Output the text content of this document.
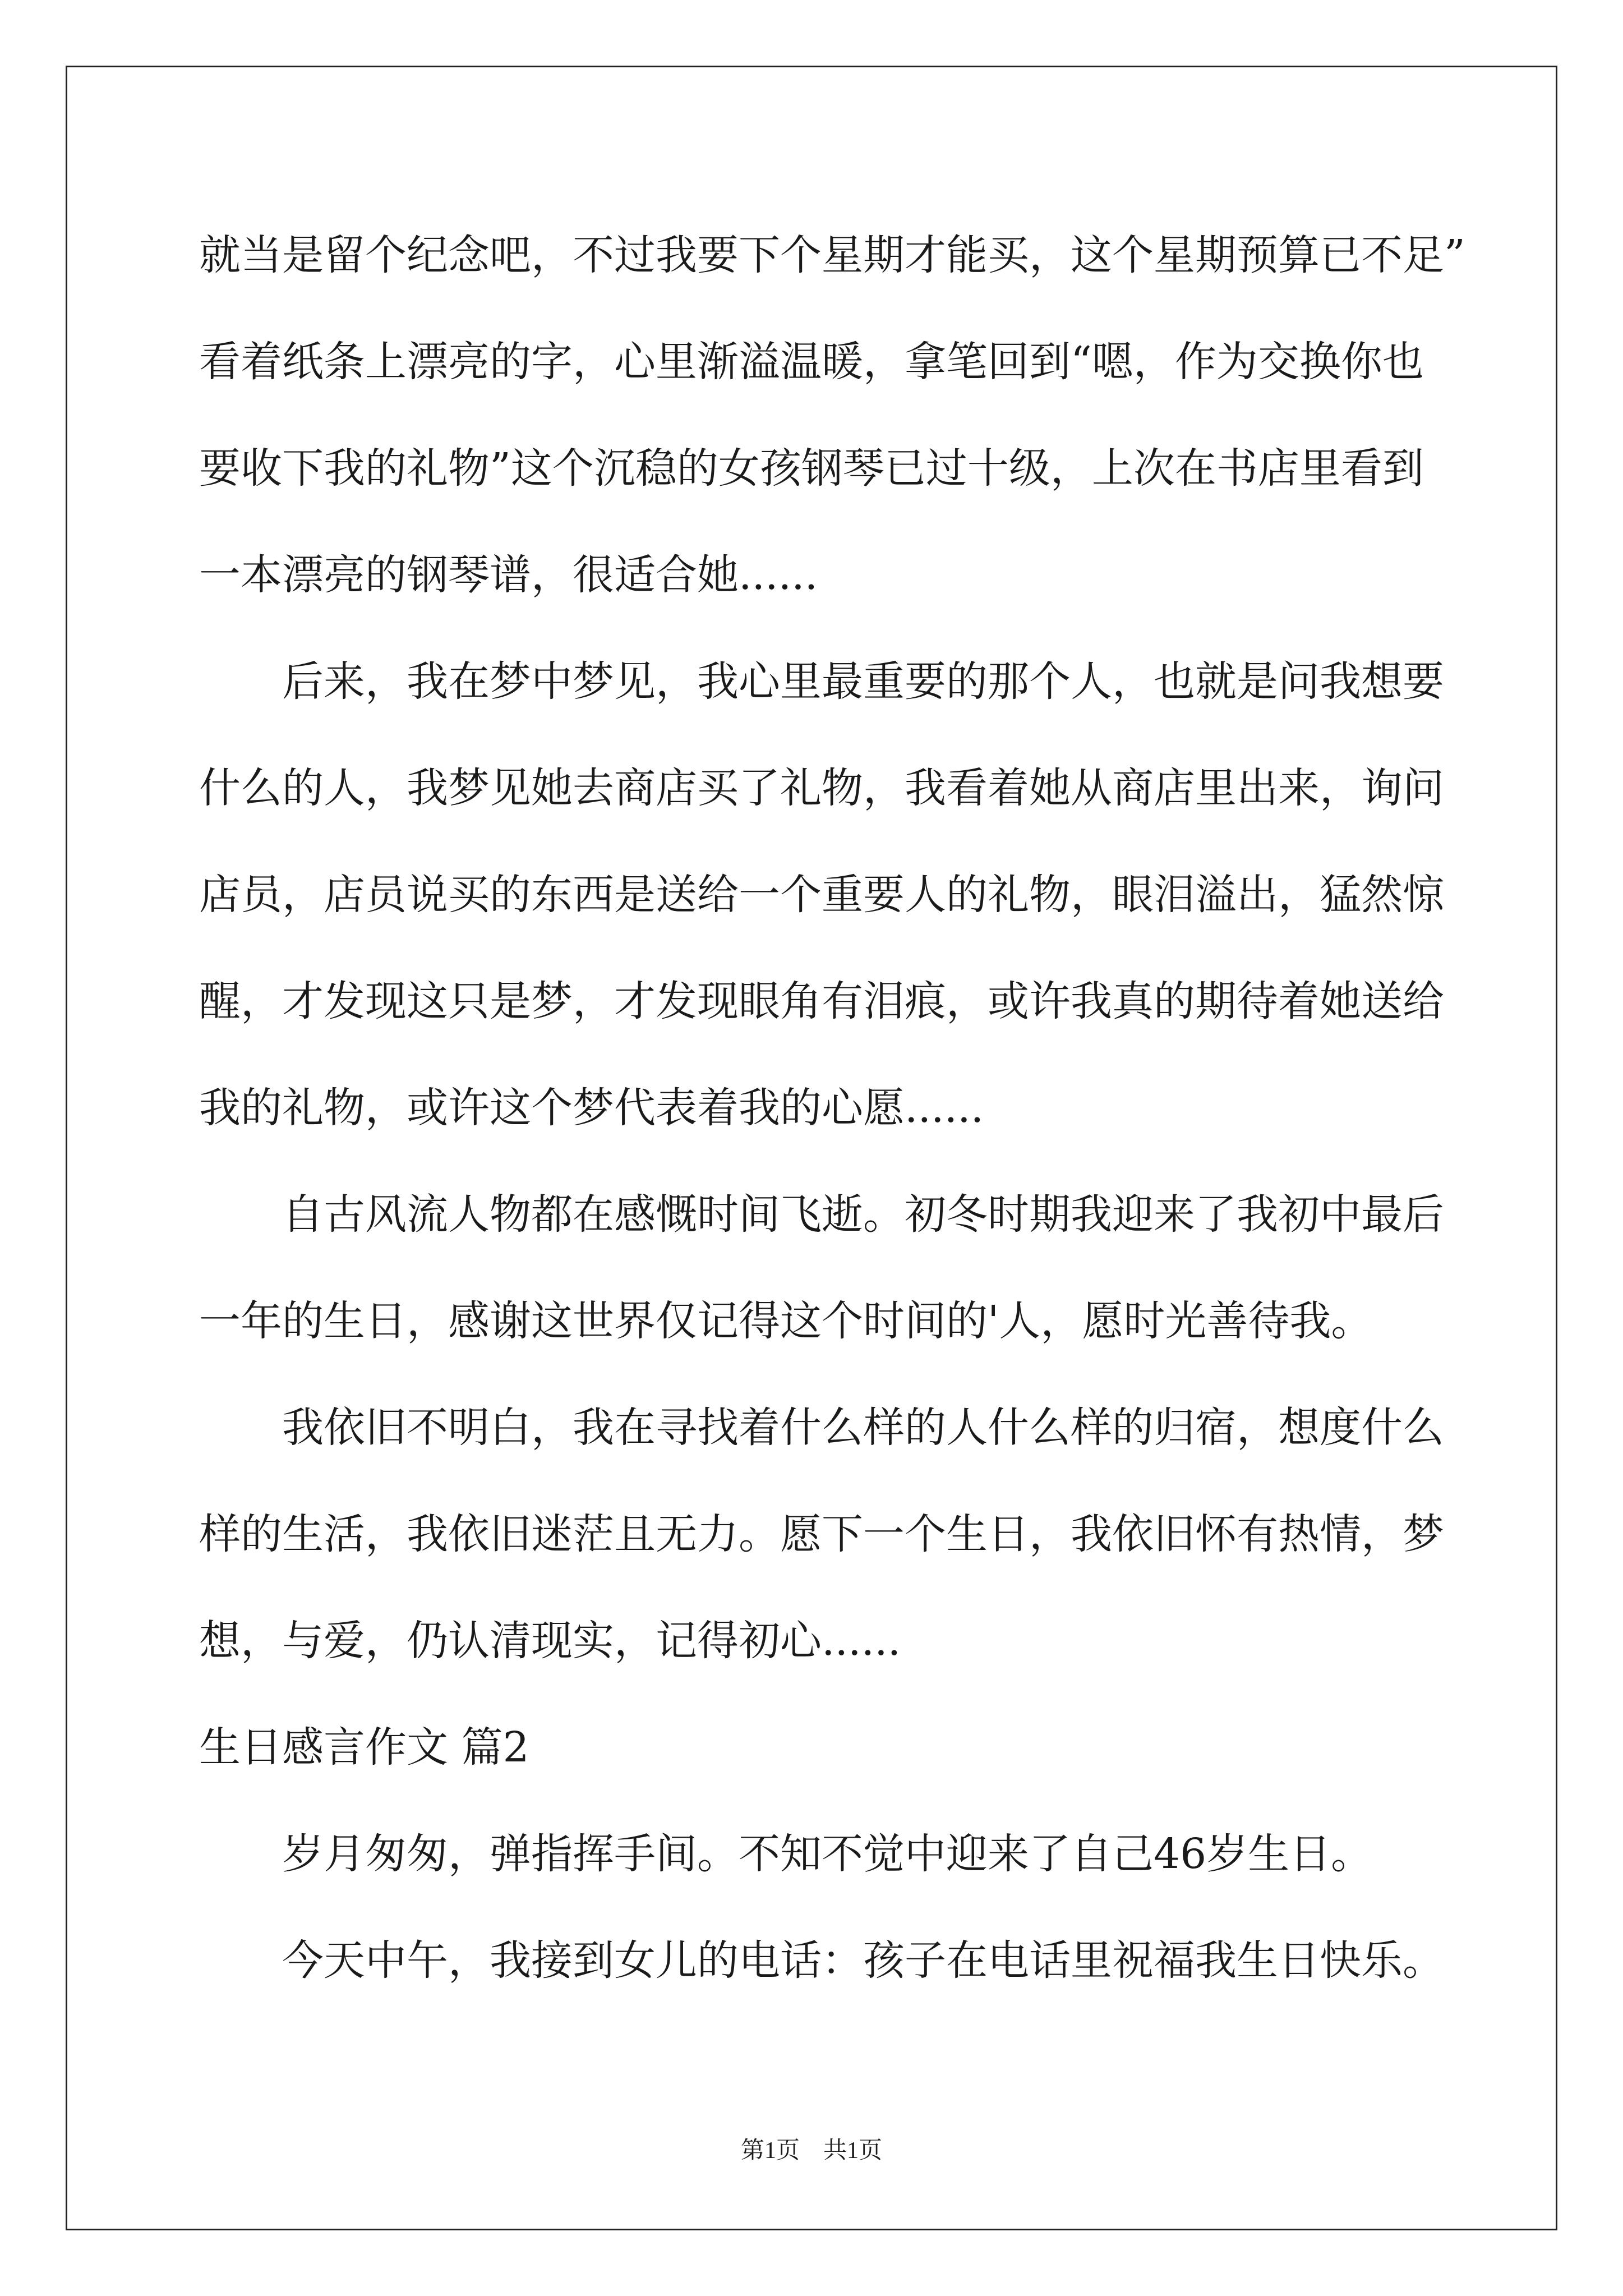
就当是留个纪念吧，不过我要下个星期才能买，这个星期预算已不足”

看着纸条上漂亮的字，心里渐溢温暖，拿笔回到“嗯，作为交换你也

要收下我的礼物”这个沉稳的女孩钢琴已过十级，上次在书店里看到

一本漂亮的钢琴谱，很适合她......

后来，我在梦中梦见，我心里最重要的那个人，也就是问我想要

什么的人，我梦见她去商店买了礼物，我看着她从商店里出来，询问

店员，店员说买的东西是送给一个重要人的礼物，眼泪溢出，猛然惊

醒，才发现这只是梦，才发现眼角有泪痕，或许我真的期待着她送给

我的礼物，或许这个梦代表着我的心愿......

自古风流人物都在感慨时间飞逝。初冬时期我迎来了我初中最后

一年的生日，感谢这世界仅记得这个时间的'人，愿时光善待我。

我依旧不明白，我在寻找着什么样的人什么样的归宿，想度什么

样的生活，我依旧迷茫且无力。愿下一个生日，我依旧怀有热情，梦

想，与爱，仍认清现实，记得初心......

生日感言作文 篇2

岁月匆匆，弹指挥手间。不知不觉中迎来了自己46岁生日。

今天中午，我接到女儿的电话：孩子在电话里祝福我生日快乐。

第1页　共1页
